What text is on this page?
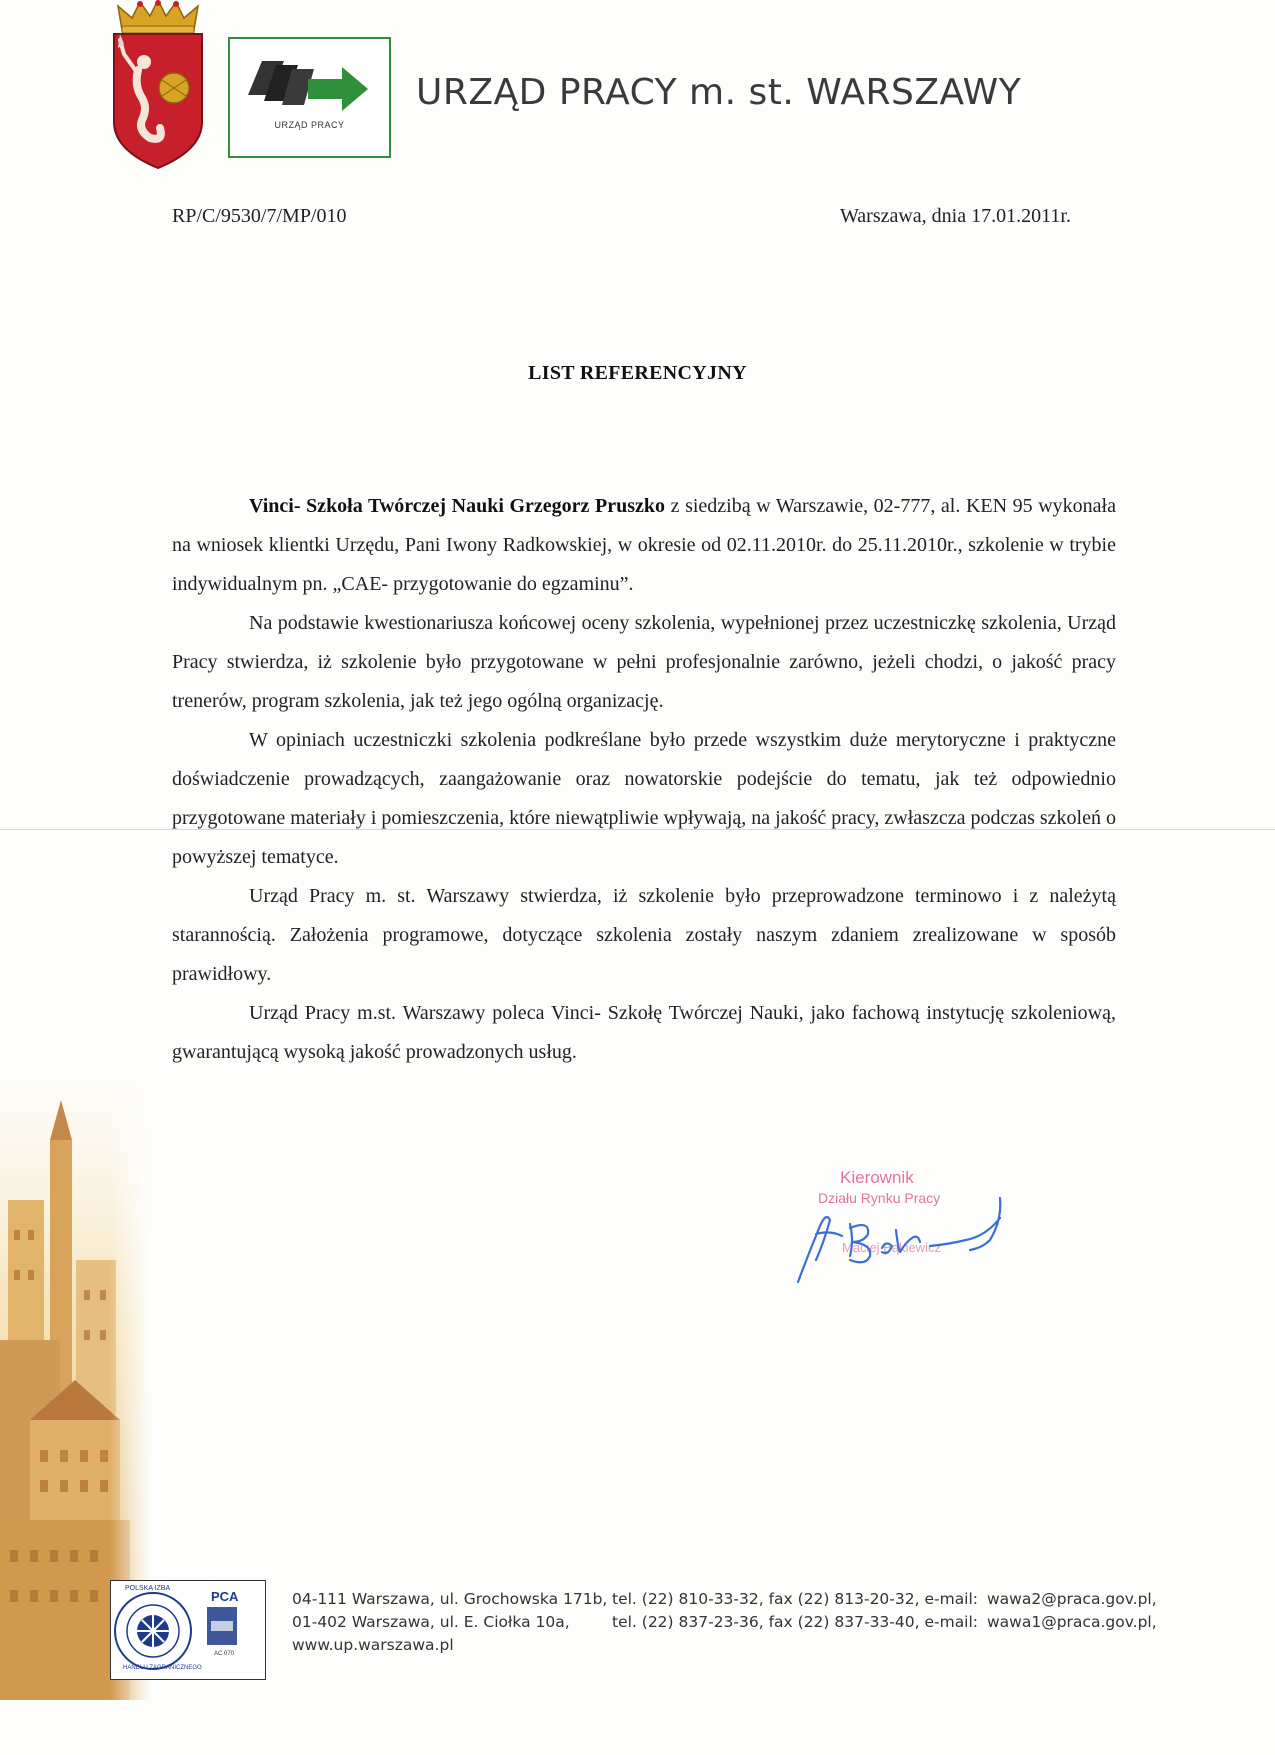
URZĄD PRACY
URZĄD PRACY m. st. WARSZAWY
RP/C/9530/7/MP/010	Warszawa, dnia 17.01.2011r.
LIST REFERENCYJNY

Vinci- Szkoła Twórczej Nauki Grzegorz Pruszko z siedzibą w Warszawie, 02-777, al. KEN 95 wykonała na wniosek klientki Urzędu, Pani Iwony Radkowskiej, w okresie od 02.11.2010r. do 25.11.2010r., szkolenie w trybie indywidualnym pn. „CAE- przygotowanie do egzaminu”.

Na podstawie kwestionariusza końcowej oceny szkolenia, wypełnionej przez uczestniczkę szkolenia, Urząd Pracy stwierdza, iż szkolenie było przygotowane w pełni profesjonalnie zarówno, jeżeli chodzi, o jakość pracy trenerów, program szkolenia, jak też jego ogólną organizację.

W opiniach uczestniczki szkolenia podkreślane było przede wszystkim duże merytoryczne i praktyczne doświadczenie prowadzących, zaangażowanie oraz nowatorskie podejście do tematu, jak też odpowiednio przygotowane materiały i pomieszczenia, które niewątpliwie wpływają, na jakość pracy, zwłaszcza podczas szkoleń o powyższej tematyce.

Urząd Pracy m. st. Warszawy stwierdza, iż szkolenie było przeprowadzone terminowo i z należytą starannością. Założenia programowe, dotyczące szkolenia zostały naszym zdaniem zrealizowane w sposób prawidłowy.

Urząd Pracy m.st. Warszawy poleca Vinci- Szkołę Twórczej Nauki, jako fachową instytucję szkoleniową, gwarantującą wysoką jakość prowadzonych usług.

Kierownik
Działu Rynku Pracy
Maciej Bąkiewicz
POLSKA IZBA
HANDLU ZAGRANICZNEGO
PCA
AC 070
04-111 Warszawa, ul. Grochowska 171b, tel. (22) 810-33-32, fax (22) 813-20-32, e-mail: wawa2@praca.gov.pl,
01-402 Warszawa, ul. E. Ciołka 10a,	tel. (22) 837-23-36, fax (22) 837-33-40, e-mail: wawa1@praca.gov.pl,
www.up.warszawa.pl
